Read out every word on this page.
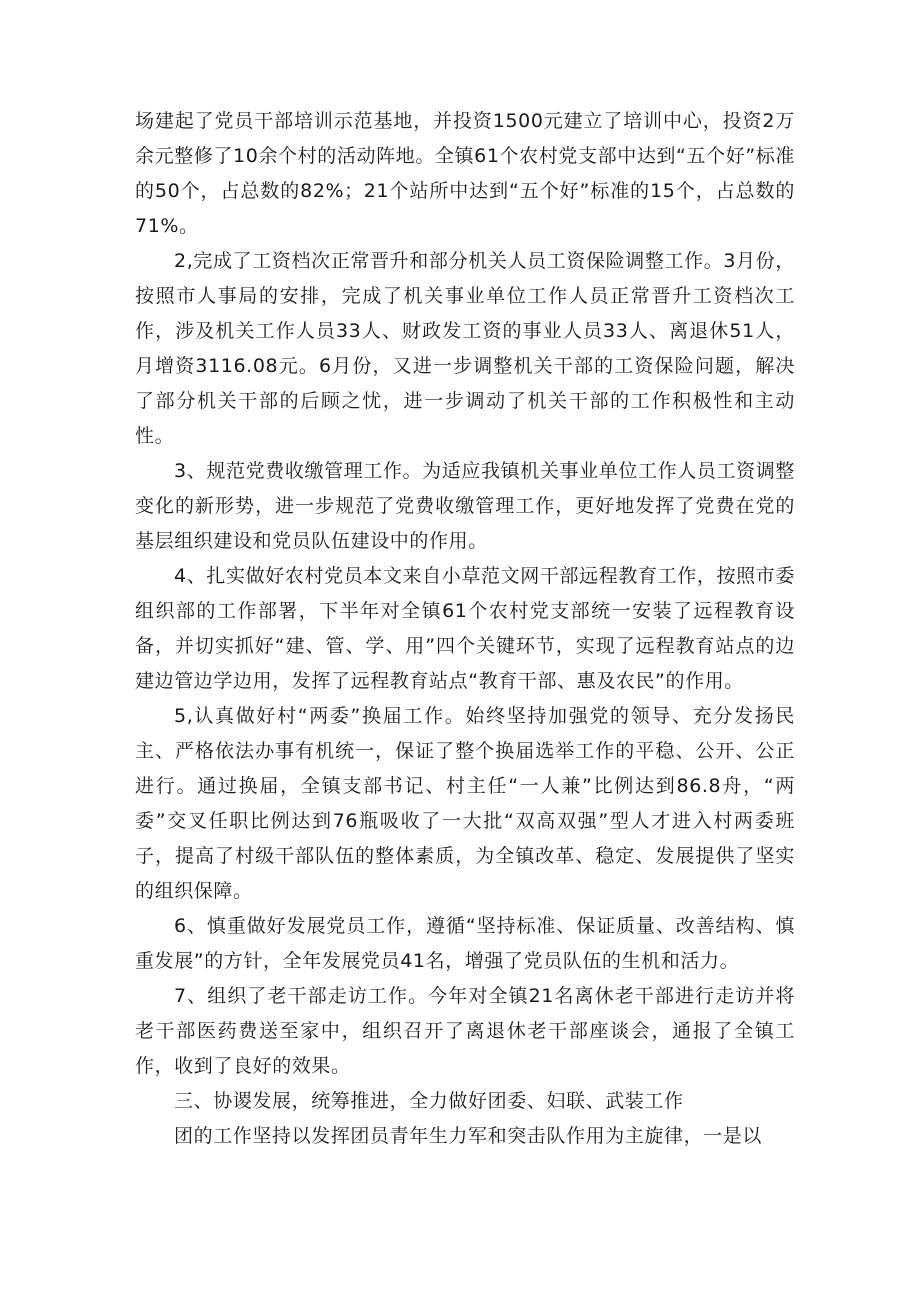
场建起了党员干部培训示范基地，并投资1500元建立了培训中心，投资2万余元整修了10余个村的活动阵地。全镇61个农村党支部中达到“五个好”标准的50个，占总数的82%；21个站所中达到“五个好”标准的15个，占总数的71%。

2,完成了工资档次正常晋升和部分机关人员工资保险调整工作。3月份，按照市人事局的安排，完成了机关事业单位工作人员正常晋升工资档次工作，涉及机关工作人员33人、财政发工资的事业人员33人、离退休51人，月增资3116.08元。6月份，又进一步调整机关干部的工资保险问题，解决了部分机关干部的后顾之忧，进一步调动了机关干部的工作积极性和主动性。

3、规范党费收缴管理工作。为适应我镇机关事业单位工作人员工资调整变化的新形势，进一步规范了党费收缴管理工作，更好地发挥了党费在党的基层组织建设和党员队伍建设中的作用。

4、扎实做好农村党员本文来自小草范文网干部远程教育工作，按照市委组织部的工作部署，下半年对全镇61个农村党支部统一安装了远程教育设备，并切实抓好“建、管、学、用”四个关键环节，实现了远程教育站点的边建边管边学边用，发挥了远程教育站点“教育干部、惠及农民”的作用。

5,认真做好村“两委”换届工作。始终坚持加强党的领导、充分发扬民主、严格依法办事有机统一，保证了整个换届选举工作的平稳、公开、公正进行。通过换届，全镇支部书记、村主任“一人兼”比例达到86.8舟，“两委”交叉任职比例达到76瓶吸收了一大批“双高双强”型人才进入村两委班子，提高了村级干部队伍的整体素质，为全镇改革、稳定、发展提供了坚实的组织保障。

6、慎重做好发展党员工作，遵循“坚持标准、保证质量、改善结构、慎重发展”的方针，全年发展党员41名，增强了党员队伍的生机和活力。

7、组织了老干部走访工作。今年对全镇21名离休老干部进行走访并将老干部医药费送至家中，组织召开了离退休老干部座谈会，通报了全镇工作，收到了良好的效果。

三、协谡发展，统筹推进，全力做好团委、妇联、武装工作

团的工作坚持以发挥团员青年生力军和突击队作用为主旋律，一是以
